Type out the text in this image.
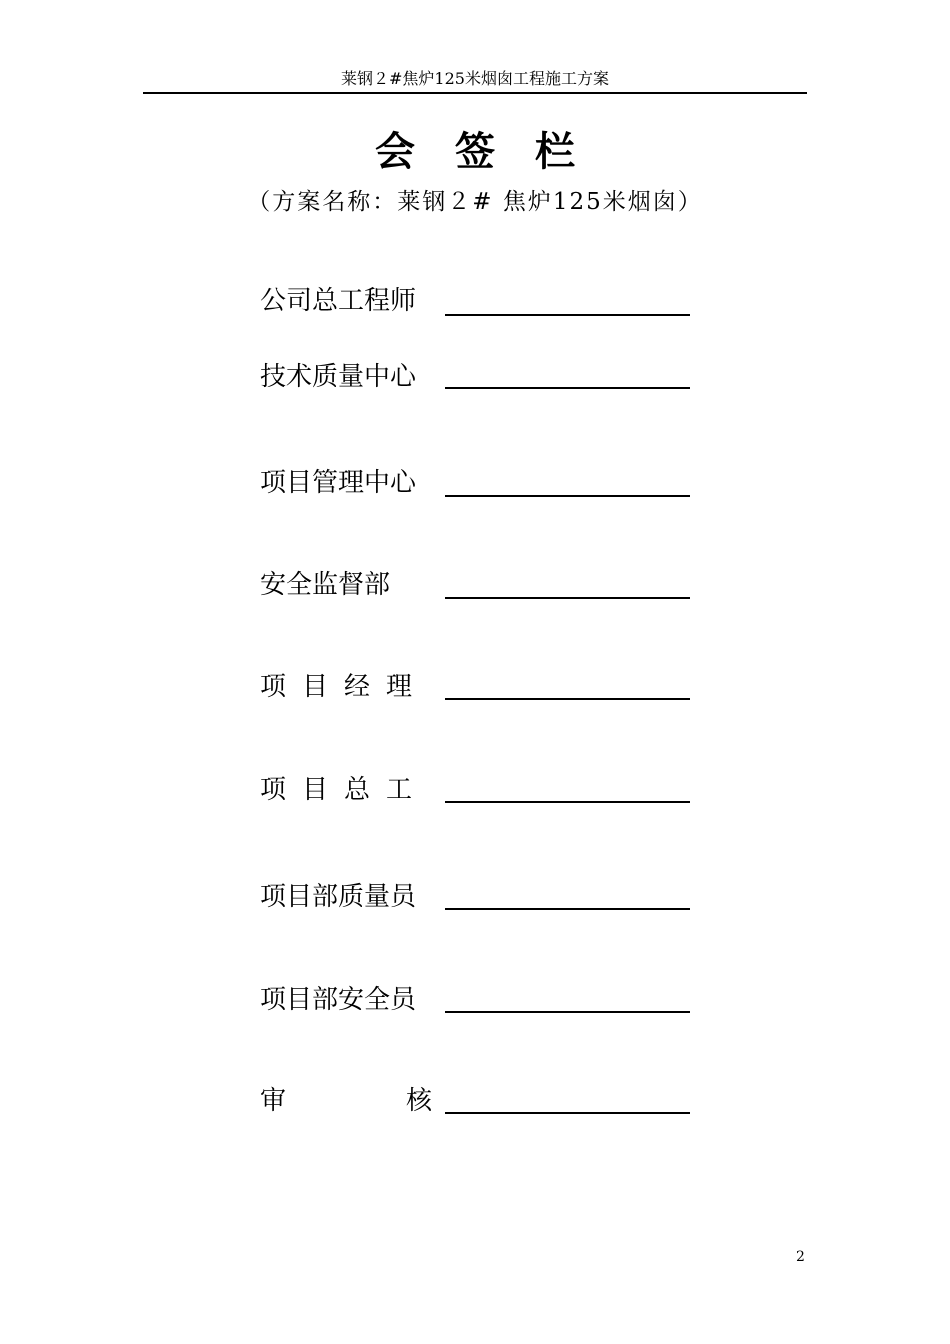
莱钢２#焦炉125米烟囱工程施工方案
会签栏
（方案名称：莱钢２# 焦炉125米烟囱）
公司总工程师
技术质量中心
项目管理中心
安全监督部
项 目 经 理
项 目 总 工
项目部质量员
项目部安全员
审	核
2
